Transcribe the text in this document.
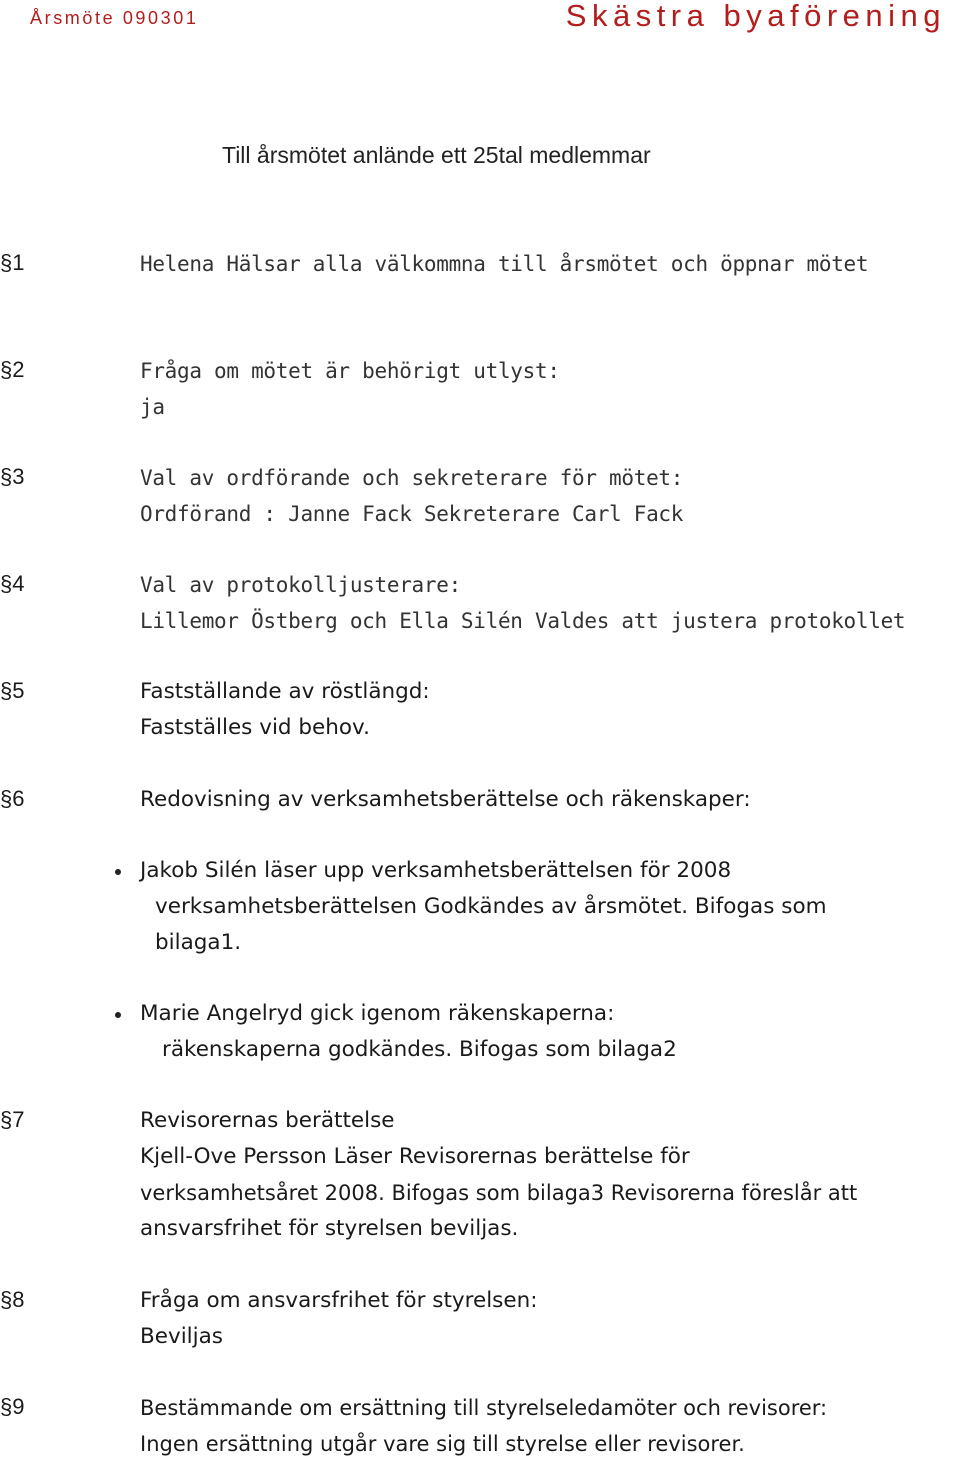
Årsmöte 090301	Skästra byaförening
Till årsmötet anlände ett 25tal medlemmar
§1	Helena Hälsar alla välkommna till årsmötet och öppnar mötet
§2	Fråga om mötet är behörigt utlyst:
ja
§3	Val av ordförande och sekreterare för mötet:
Ordförand : Janne Fack Sekreterare Carl Fack
§4	Val av protokolljusterare:
Lillemor Östberg och Ella Silén Valdes att justera protokollet
§5	Fastställande av röstlängd:
Fastställes vid behov.
§6	Redovisning av verksamhetsberättelse och räkenskaper:
Jakob Silén läser upp verksamhetsberättelsen för 2008
verksamhetsberättelsen Godkändes av årsmötet. Bifogas som
bilaga1.
Marie Angelryd gick igenom räkenskaperna:
räkenskaperna godkändes. Bifogas som bilaga2
§7	Revisorernas berättelse
Kjell-Ove Persson Läser Revisorernas berättelse för
verksamhetsåret 2008. Bifogas som bilaga3 Revisorerna föreslår att
ansvarsfrihet för styrelsen beviljas.
§8	Fråga om ansvarsfrihet för styrelsen:
Beviljas
§9	Bestämmande om ersättning till styrelseledamöter och revisorer:
Ingen ersättning utgår vare sig till styrelse eller revisorer.
